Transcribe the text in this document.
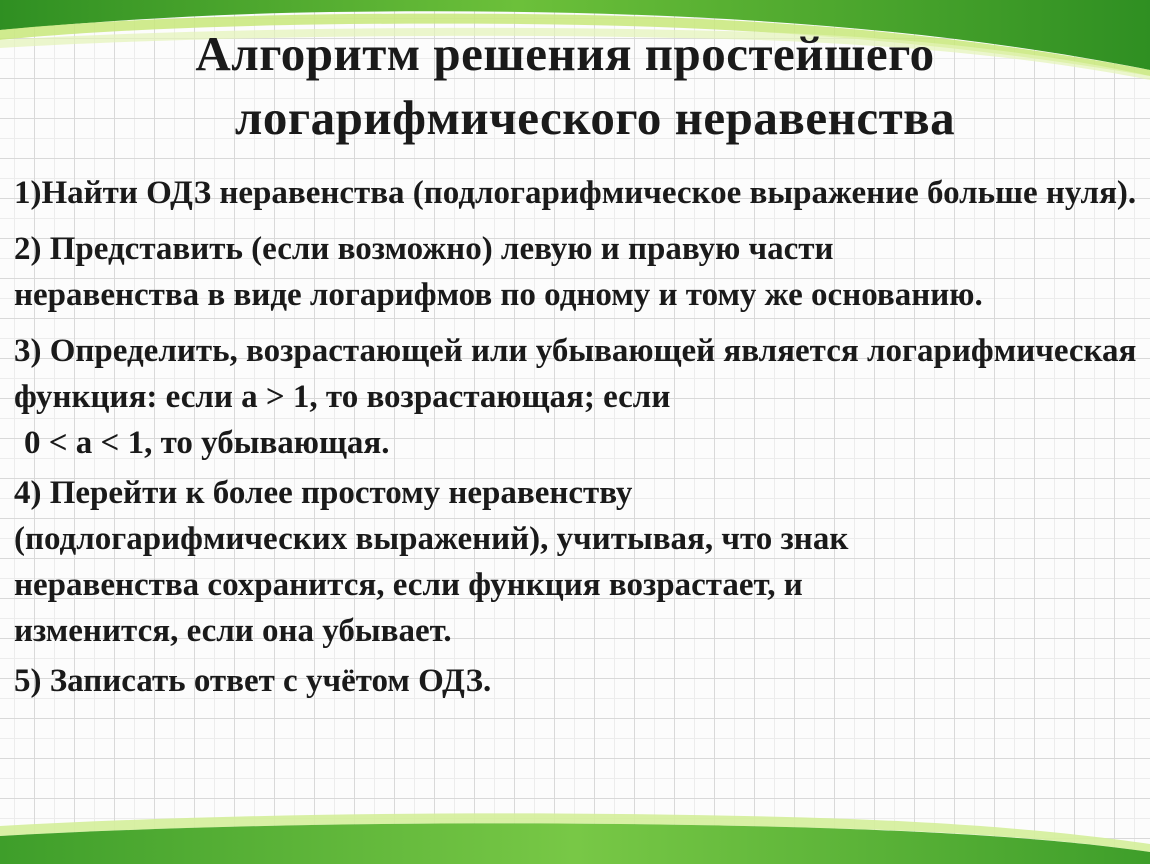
Алгоритм решения простейшего
логарифмического неравенства

1)Найти ОДЗ неравенства (подлогарифмическое выражение больше нуля).

2) Представить (если возможно) левую и правую части
неравенства в виде логарифмов по одному и тому же основанию.

3) Определить, возрастающей или убывающей является логарифмическая функция: если a > 1, то возрастающая; если

0 < a < 1, то убывающая.

4) Перейти к более простому неравенству
(подлогарифмических выражений), учитывая, что знак
неравенства сохранится, если функция возрастает, и
изменится, если она убывает.

5) Записать ответ с учётом ОДЗ.
